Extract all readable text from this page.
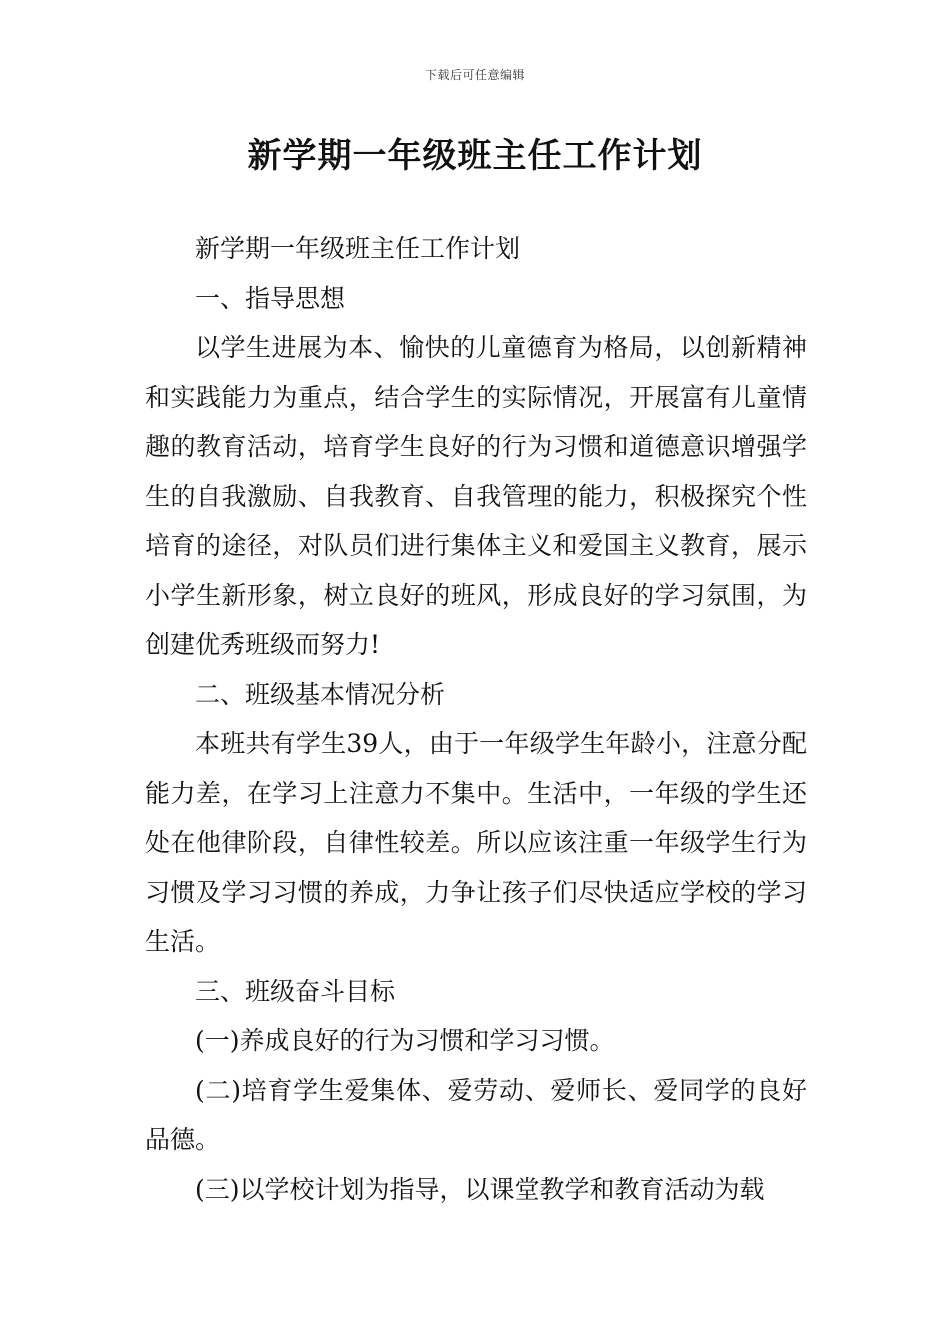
下载后可任意编辑
新学期一年级班主任工作计划

新学期一年级班主任工作计划

一、指导思想

以学生进展为本、愉快的儿童德育为格局，以创新精神和实践能力为重点，结合学生的实际情况，开展富有儿童情趣的教育活动，培育学生良好的行为习惯和道德意识增强学生的自我激励、自我教育、自我管理的能力，积极探究个性培育的途径，对队员们进行集体主义和爱国主义教育，展示小学生新形象，树立良好的班风，形成良好的学习氛围，为创建优秀班级而努力!

二、班级基本情况分析

本班共有学生39人，由于一年级学生年龄小，注意分配能力差，在学习上注意力不集中。生活中，一年级的学生还处在他律阶段，自律性较差。所以应该注重一年级学生行为习惯及学习习惯的养成，力争让孩子们尽快适应学校的学习生活。

三、班级奋斗目标

(一)养成良好的行为习惯和学习习惯。

(二)培育学生爱集体、爱劳动、爱师长、爱同学的良好品德。

(三)以学校计划为指导，以课堂教学和教育活动为载
